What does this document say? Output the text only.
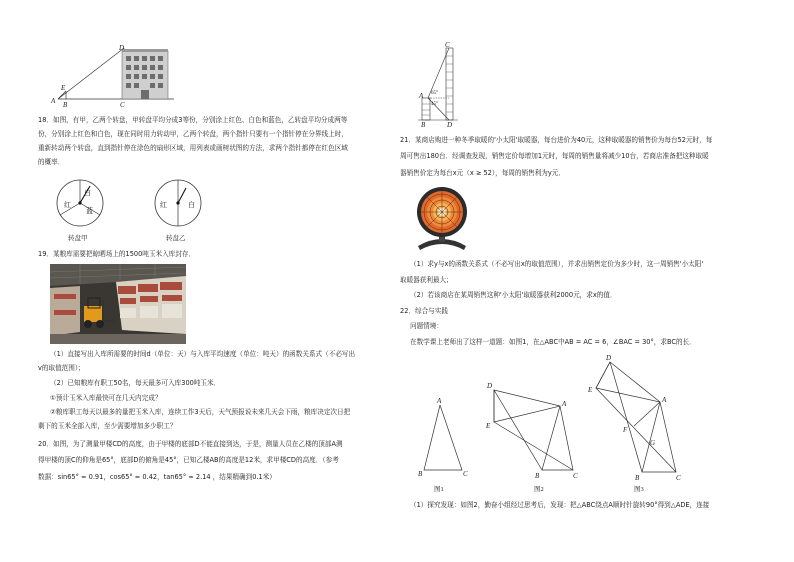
D
E
A B	C
18．如图，有甲，乙两个转盘，甲转盘平均分成3等份，分别涂上红色、白色和蓝色，乙转盘平均分成两等
份，分别涂上红色和白色，现在同时用力转动甲，乙两个转盘，两个指针只要有一个指针停在分界线上时，
重新转动两个转盘，直到指针停在涂色的扇形区域，用列表或画树状图的方法，求两个指针都停在红色区域
的概率．
白
红
蓝
转盘甲
红	白
转盘乙
19．某粮库需要把晾晒场上的1500吨玉米入库封存．
（1）直接写出入库所需要的时间d（单位：天）与入库平均速度（单位：吨天）的函数关系式（不必写出
v的取值范围）；
（2）已知粮库有职工50名，每天最多可入库300吨玉米．
①预计玉米入库最快可在几天内完成？
②粮库职工每天以最多的量把玉米入库，连续工作3天后，天气预报说未来几天会下雨，粮库决定次日把
剩下的玉米全部入库，至少需要增加多少职工？
20．如图，为了测量甲楼CD的高度，由于甲楼的底部D不能直接到达，于是，测量人员在乙楼的顶部A测
得甲楼的顶C的仰角是65°，底部D的俯角是45°，已知乙楼AB的高度是12米，求甲楼CD的高度．（参考
数据：sin65° ≈ 0.91，cos65° ≈ 0.42，tan65° ≈ 2.14 ，结果精确到0.1米）
C
A
B	D
65°
45°
21．某商店购进一种冬季取暖的'小太阳'取暖器，每台进价为40元，这种取暖器的销售价为每台52元时，每
周可售出180台．经调查发现，销售定价每增加1元时，每周的销售量将减少10台，若商店准备把这种取暖
器销售价定为每台x元（x ≥ 52），每周的销售利为y元．
（1）求y与x的函数关系式（不必写出x的取值范围），并求出销售定价为多少时，这一周销售'小太阳'
取暖器获利最大；
（2）若该商店在某周销售这种'小太阳'取暖器获利2000元，求x的值．
22．综合与实践
问题情境：
在数学课上老师出了这样一道题：如图1，在△ABC中AB = AC = 6，∠BAC = 30°，求BC的长．
A
B	C
图1
D
A
E
B	C
图2
D
A
E
F
G
B	C
图3
（1）探究发现：如图2，勤奋小组经过思考后，发现：把△ABC绕点A顺时针旋转90°得到△ADE，连接
